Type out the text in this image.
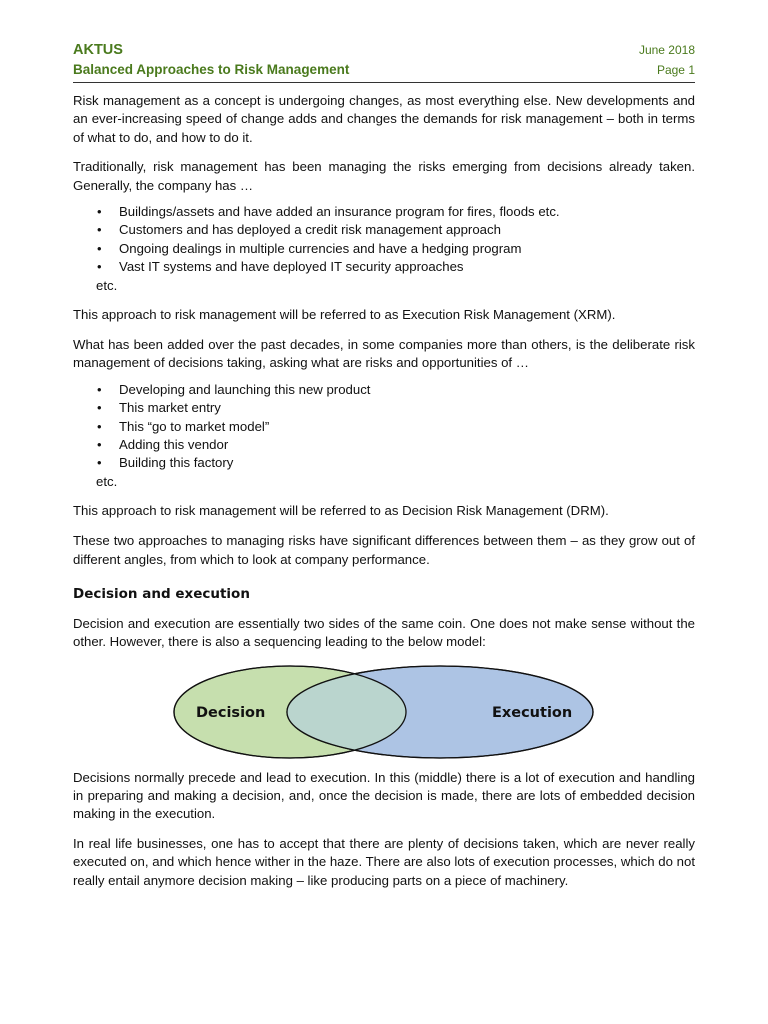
AKTUS	June 2018
Balanced Approaches to Risk Management	Page 1

Risk management as a concept is undergoing changes, as most everything else. New developments and an ever-increasing speed of change adds and changes the demands for risk management – both in terms of what to do, and how to do it.

Traditionally, risk management has been managing the risks emerging from decisions already taken. Generally, the company has …

• Buildings/assets and have added an insurance program for fires, floods etc.
• Customers and has deployed a credit risk management approach
• Ongoing dealings in multiple currencies and have a hedging program
• Vast IT systems and have deployed IT security approaches
etc.

This approach to risk management will be referred to as Execution Risk Management (XRM).

What has been added over the past decades, in some companies more than others, is the deliberate risk management of decisions taking, asking what are risks and opportunities of …

• Developing and launching this new product
• This market entry
• This “go to market model”
• Adding this vendor
• Building this factory
etc.

This approach to risk management will be referred to as Decision Risk Management (DRM).

These two approaches to managing risks have significant differences between them – as they grow out of different angles, from which to look at company performance.

Decision and execution

Decision and execution are essentially two sides of the same coin. One does not make sense without the other. However, there is also a sequencing leading to the below model:

Decision	Execution

Decisions normally precede and lead to execution. In this (middle) there is a lot of execution and handling in preparing and making a decision, and, once the decision is made, there are lots of embedded decision making in the execution.

In real life businesses, one has to accept that there are plenty of decisions taken, which are never really executed on, and which hence wither in the haze. There are also lots of execution processes, which do not really entail anymore decision making – like producing parts on a piece of machinery.
